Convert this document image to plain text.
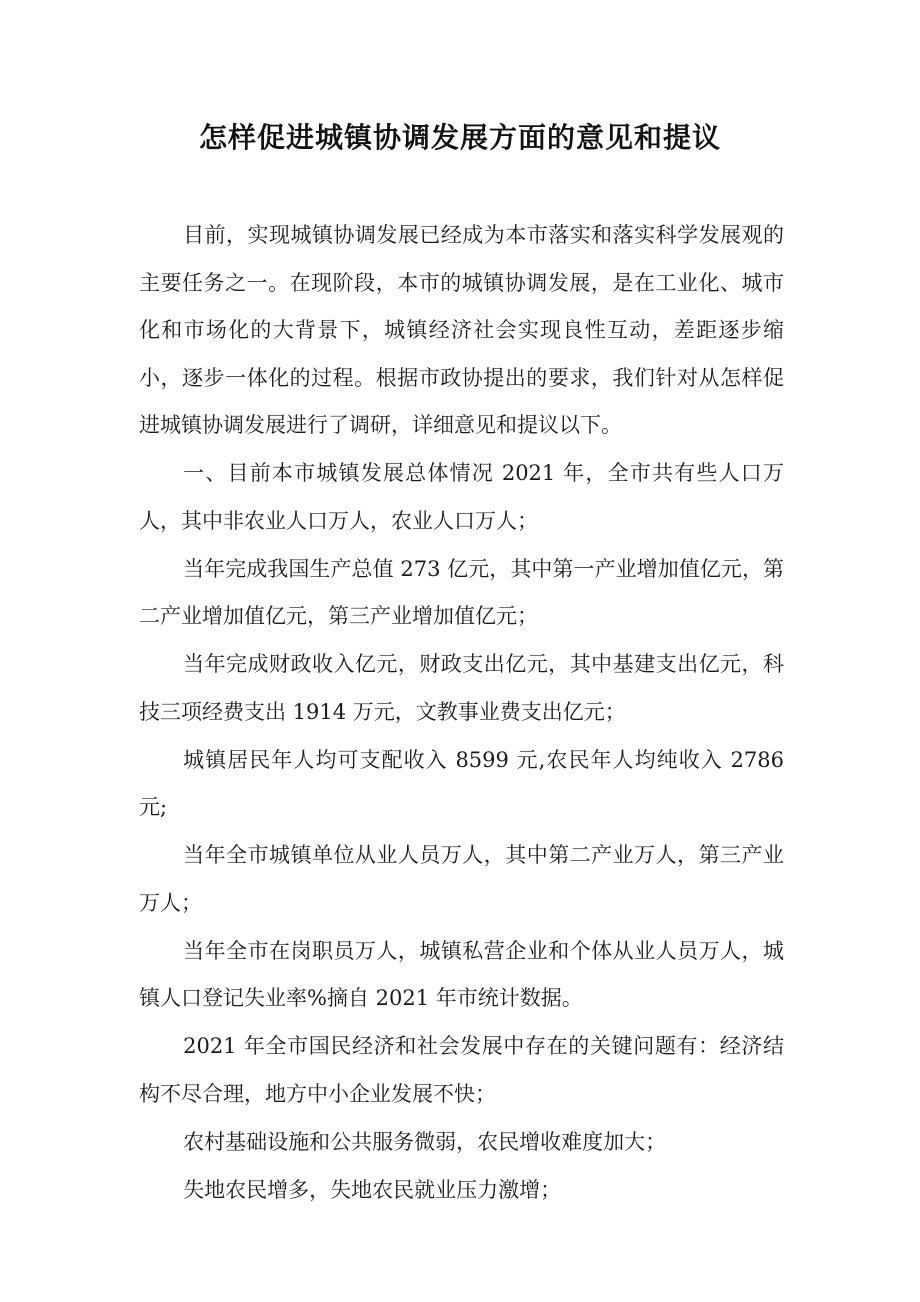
怎样促进城镇协调发展方面的意见和提议

目前，实现城镇协调发展已经成为本市落实和落实科学发展观的主要任务之一。在现阶段，本市的城镇协调发展，是在工业化、城市化和市场化的大背景下，城镇经济社会实现良性互动，差距逐步缩小，逐步一体化的过程。根据市政协提出的要求，我们针对从怎样促进城镇协调发展进行了调研，详细意见和提议以下。

一、目前本市城镇发展总体情况 2021 年，全市共有些人口万人，其中非农业人口万人，农业人口万人；

当年完成我国生产总值 273 亿元，其中第一产业增加值亿元，第二产业增加值亿元，第三产业增加值亿元；

当年完成财政收入亿元，财政支出亿元，其中基建支出亿元，科技三项经费支出 1914 万元，文教事业费支出亿元；

城镇居民年人均可支配收入 8599 元,农民年人均纯收入 2786 元;

当年全市城镇单位从业人员万人，其中第二产业万人，第三产业万人；

当年全市在岗职员万人，城镇私营企业和个体从业人员万人，城镇人口登记失业率%摘自 2021 年市统计数据。

2021 年全市国民经济和社会发展中存在的关键问题有：经济结构不尽合理，地方中小企业发展不快；

农村基础设施和公共服务微弱，农民增收难度加大；

失地农民增多，失地农民就业压力激增；
